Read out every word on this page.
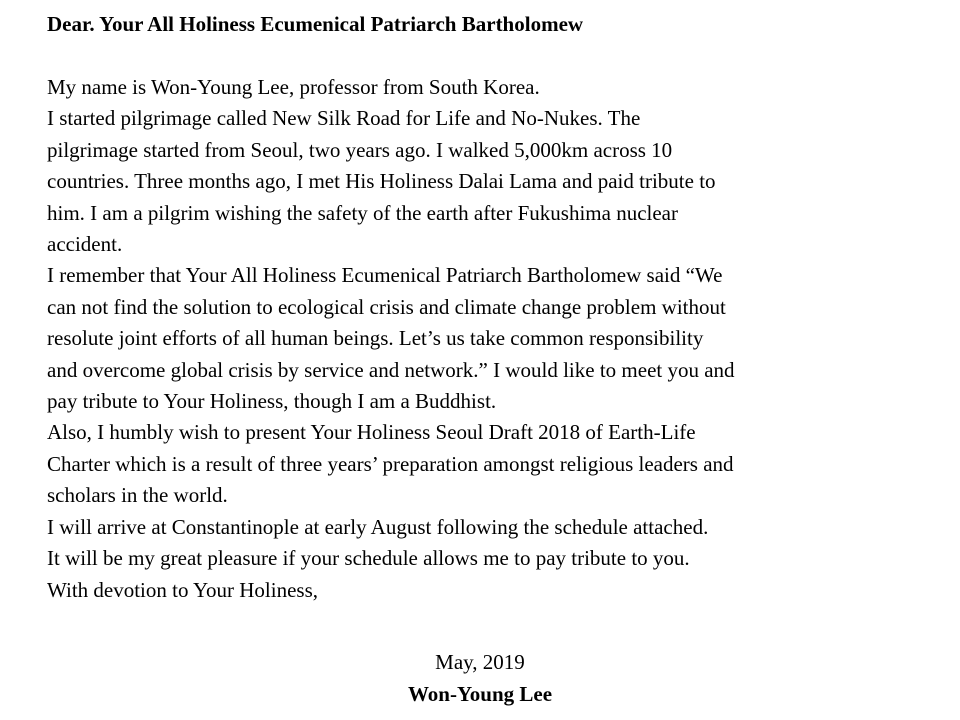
Dear. Your All Holiness Ecumenical Patriarch Bartholomew

My name is Won-Young Lee, professor from South Korea.
I started pilgrimage called New Silk Road for Life and No-Nukes. The
pilgrimage started from Seoul, two years ago. I walked 5,000km across 10
countries. Three months ago, I met His Holiness Dalai Lama and paid tribute to
him. I am a pilgrim wishing the safety of the earth after Fukushima nuclear
accident.
I remember that Your All Holiness Ecumenical Patriarch Bartholomew said “We
can not find the solution to ecological crisis and climate change problem without
resolute joint efforts of all human beings. Let’s us take common responsibility
and overcome global crisis by service and network.” I would like to meet you and
pay tribute to Your Holiness, though I am a Buddhist.
Also, I humbly wish to present Your Holiness Seoul Draft 2018 of Earth-Life
Charter which is a result of three years’ preparation amongst religious leaders and
scholars in the world.
I will arrive at Constantinople at early August following the schedule attached.
It will be my great pleasure if your schedule allows me to pay tribute to you.
With devotion to Your Holiness,

May, 2019

Won-Young Lee
